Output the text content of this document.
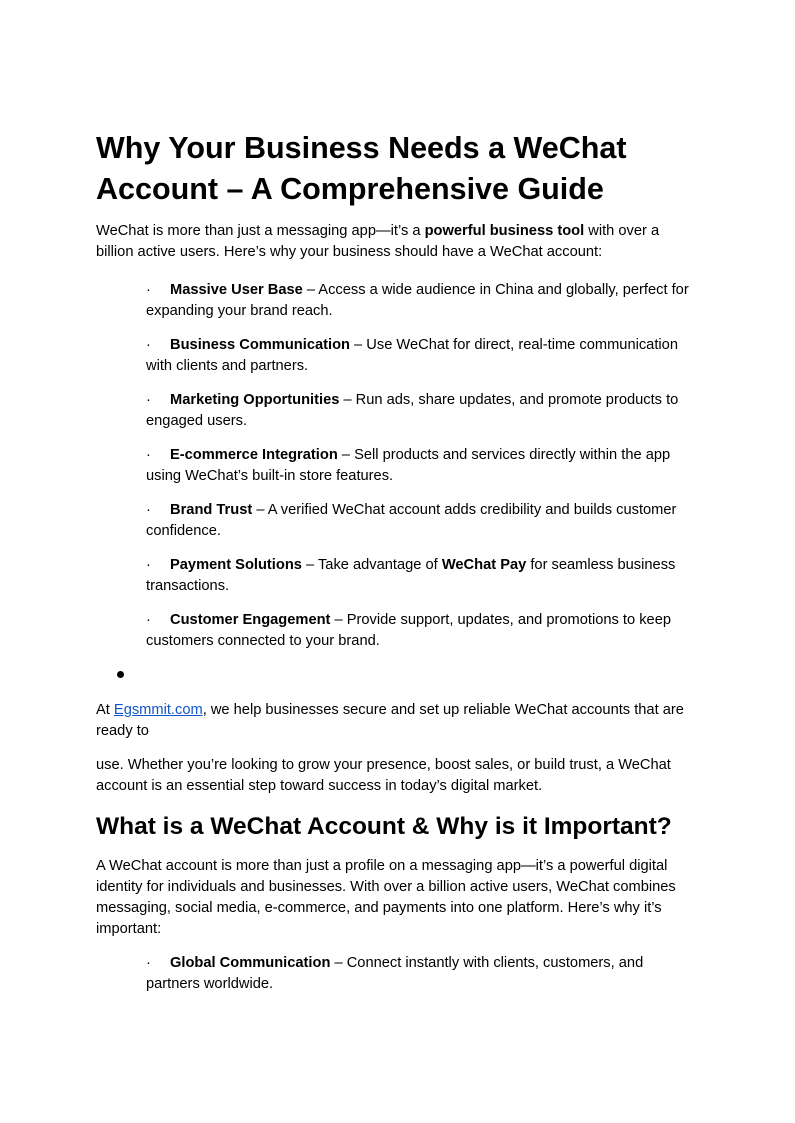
Why Your Business Needs a WeChat Account – A Comprehensive Guide

WeChat is more than just a messaging app—it’s a powerful business tool with over a billion active users. Here’s why your business should have a WeChat account:

· Massive User Base – Access a wide audience in China and globally, perfect for expanding your brand reach.
· Business Communication – Use WeChat for direct, real-time communication with clients and partners.
· Marketing Opportunities – Run ads, share updates, and promote products to engaged users.
· E-commerce Integration – Sell products and services directly within the app using WeChat’s built-in store features.
· Brand Trust – A verified WeChat account adds credibility and builds customer confidence.
· Payment Solutions – Take advantage of WeChat Pay for seamless business transactions.
· Customer Engagement – Provide support, updates, and promotions to keep customers connected to your brand.

At Egsmmit.com, we help businesses secure and set up reliable WeChat accounts that are ready to

use. Whether you’re looking to grow your presence, boost sales, or build trust, a WeChat account is an essential step toward success in today’s digital market.

What is a WeChat Account & Why is it Important?

A WeChat account is more than just a profile on a messaging app—it’s a powerful digital identity for individuals and businesses. With over a billion active users, WeChat combines messaging, social media, e-commerce, and payments into one platform. Here’s why it’s important:

· Global Communication – Connect instantly with clients, customers, and partners worldwide.
